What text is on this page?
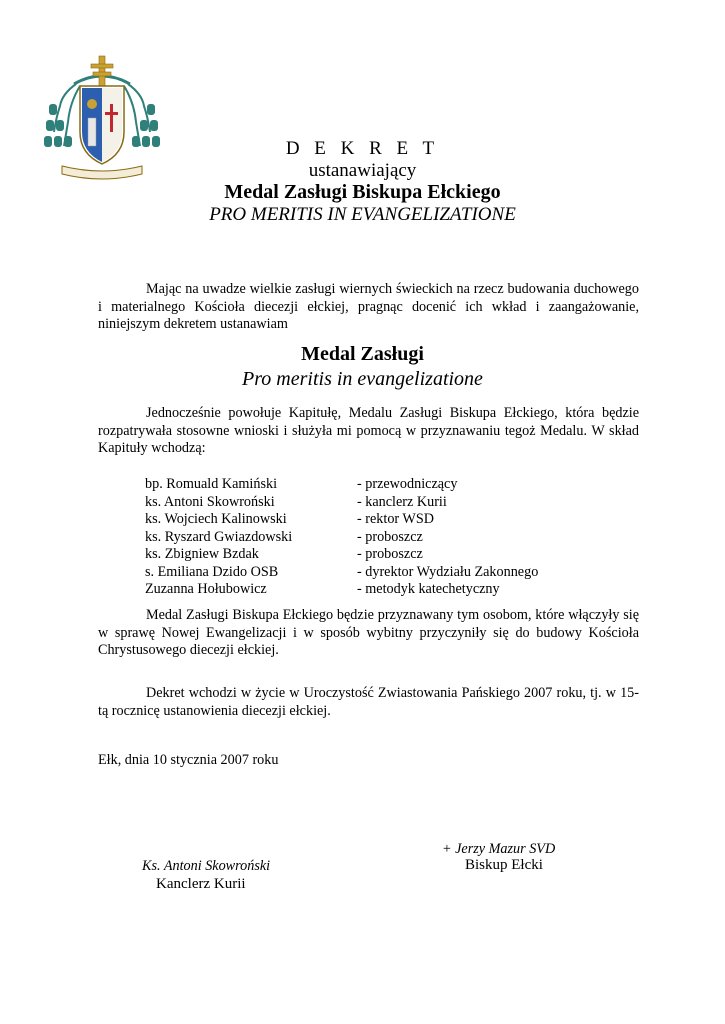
D E K R E T
ustanawiający
Medal Zasługi Biskupa Ełckiego
PRO MERITIS IN EVANGELIZATIONE

Mając na uwadze wielkie zasługi wiernych świeckich na rzecz budowania duchowego i materialnego Kościoła diecezji ełckiej, pragnąc docenić ich wkład i zaangażowanie, niniejszym dekretem ustanawiam

Medal Zasługi
Pro meritis in evangelizatione

Jednocześnie powołuje Kapitułę, Medalu Zasługi Biskupa Ełckiego, która będzie rozpatrywała stosowne wnioski i służyła mi pomocą w przyznawaniu tegoż Medalu. W skład Kapituły wchodzą:

bp. Romuald Kamiński	- przewodniczący
ks. Antoni Skowroński	- kanclerz Kurii
ks. Wojciech Kalinowski	- rektor WSD
ks. Ryszard Gwiazdowski	- proboszcz
ks. Zbigniew Bzdak	- proboszcz
s. Emiliana Dzido OSB	- dyrektor Wydziału Zakonnego
Zuzanna Hołubowicz	- metodyk katechetyczny

Medal Zasługi Biskupa Ełckiego będzie przyznawany tym osobom, które włączyły się w sprawę Nowej Ewangelizacji i w sposób wybitny przyczyniły się do budowy Kościoła Chrystusowego diecezji ełckiej.

Dekret wchodzi w życie w Uroczystość Zwiastowania Pańskiego 2007 roku, tj. w 15-tą rocznicę ustanowienia diecezji ełckiej.

Ełk, dnia 10 stycznia 2007 roku
+ Jerzy Mazur SVD
Biskup Ełcki
Ks. Antoni Skowroński
Kanclerz Kurii
